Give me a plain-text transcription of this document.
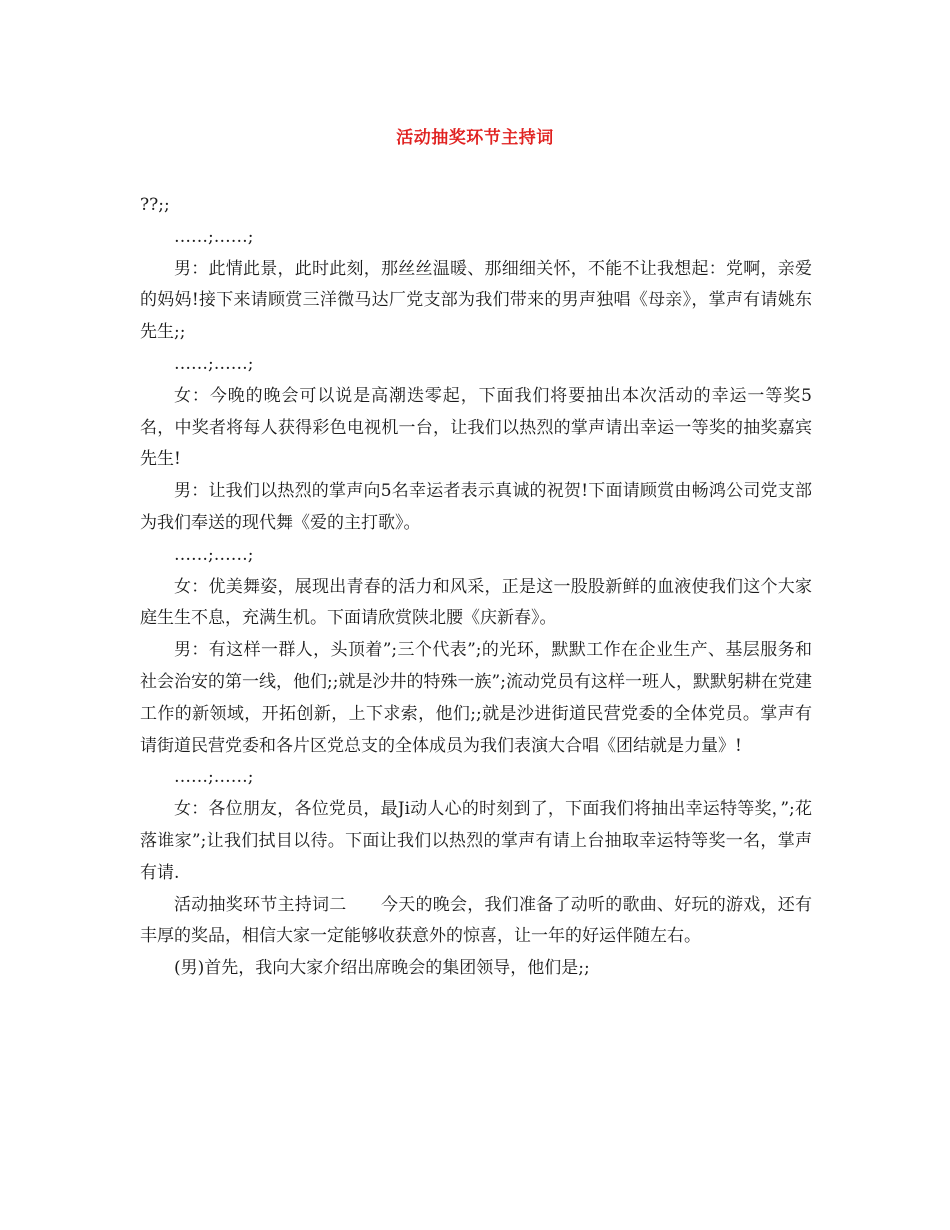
活动抽奖环节主持词

??;;

……;……;

男：此情此景，此时此刻，那丝丝温暖、那细细关怀，不能不让我想起：党啊，亲爱的妈妈!接下来请顾赏三洋微马达厂党支部为我们带来的男声独唱《母亲》，掌声有请姚东先生;;

……;……;

女：今晚的晚会可以说是高潮迭零起，下面我们将要抽出本次活动的幸运一等奖5名，中奖者将每人获得彩色电视机一台，让我们以热烈的掌声请出幸运一等奖的抽奖嘉宾先生!

男：让我们以热烈的掌声向5名幸运者表示真诚的祝贺!下面请顾赏由畅鸿公司党支部为我们奉送的现代舞《爱的主打歌》。

……;……;

女：优美舞姿，展现出青春的活力和风采，正是这一股股新鲜的血液使我们这个大家庭生生不息，充满生机。下面请欣赏陕北腰《庆新春》。

男：有这样一群人，头顶着”;三个代表”;的光环，默默工作在企业生产、基层服务和社会治安的第一线，他们;;就是沙井的特殊一族”;流动党员有这样一班人，默默躬耕在党建工作的新领域，开拓创新，上下求索，他们;;就是沙进街道民营党委的全体党员。掌声有请街道民营党委和各片区党总支的全体成员为我们表演大合唱《团结就是力量》!

……;……;

女：各位朋友，各位党员，最Ji动人心的时刻到了，下面我们将抽出幸运特等奖，”;花落谁家”;让我们拭目以待。下面让我们以热烈的掌声有请上台抽取幸运特等奖一名，掌声有请.

活动抽奖环节主持词二　　今天的晚会，我们准备了动听的歌曲、好玩的游戏，还有丰厚的奖品，相信大家一定能够收获意外的惊喜，让一年的好运伴随左右。

(男)首先，我向大家介绍出席晚会的集团领导，他们是;;
